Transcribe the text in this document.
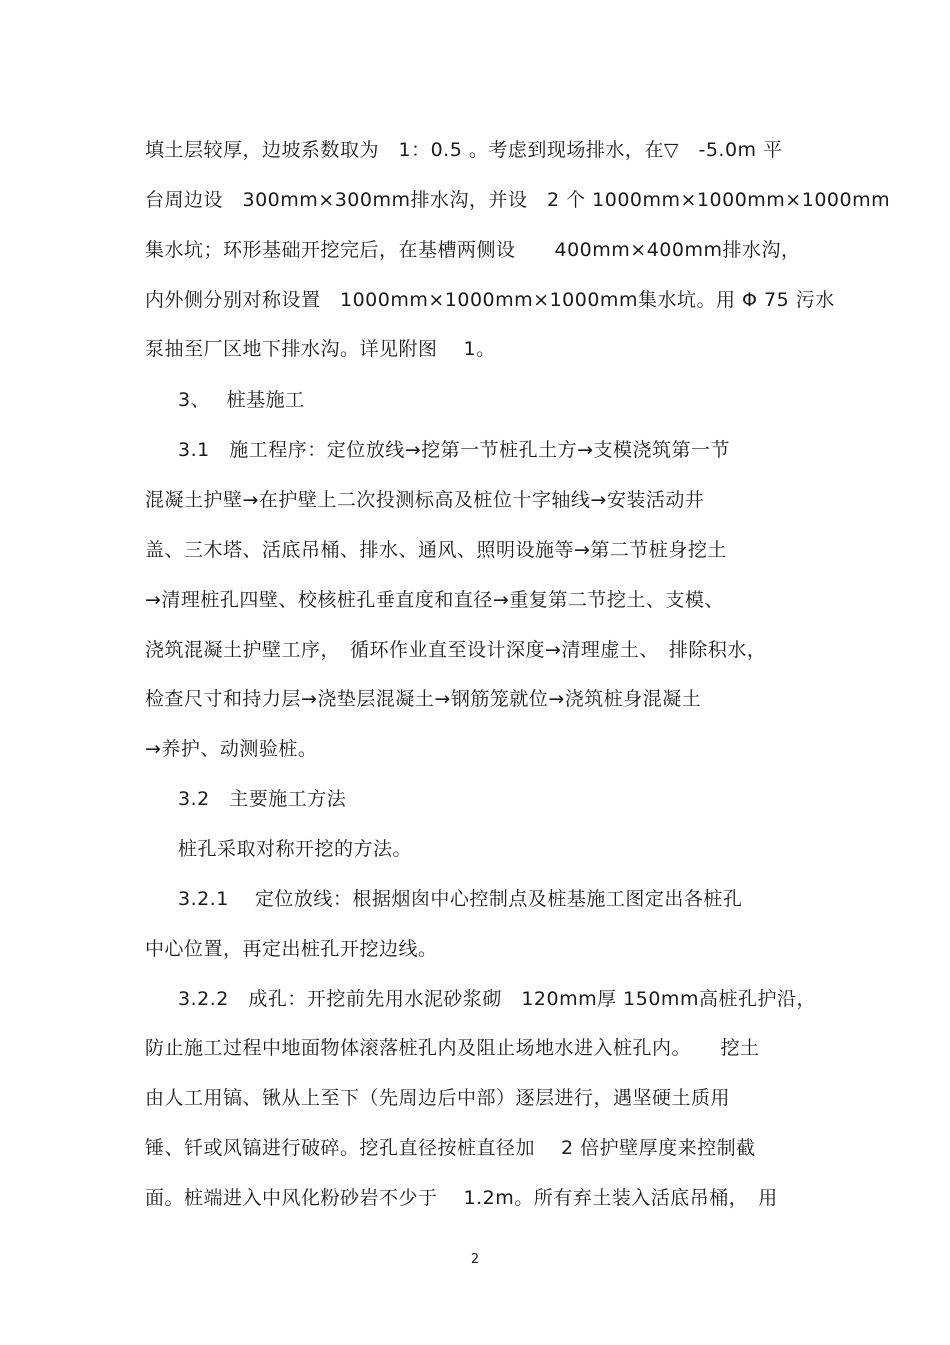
填土层较厚，边坡系数取为　1：0.5 。考虑到现场排水，在▽　-5.0m 平
台周边设　300mm×300mm排水沟，并设　2 个 1000mm×1000mm×1000mm
集水坑；环形基础开挖完后，在基槽两侧设　　400mm×400mm排水沟，
内外侧分别对称设置　1000mm×1000mm×1000mm集水坑。用 Φ 75 污水
泵抽至厂区地下排水沟。详见附图　 1。
3、　 桩基施工
3.1　施工程序：定位放线→挖第一节桩孔土方→支模浇筑第一节
混凝土护壁→在护壁上二次投测标高及桩位十字轴线→安装活动井
盖、三木塔、活底吊桶、排水、通风、照明设施等→第二节桩身挖土
→清理桩孔四壁、校核桩孔垂直度和直径→重复第二节挖土、支模、
浇筑混凝土护壁工序，　循环作业直至设计深度→清理虚土、　排除积水，
检查尺寸和持力层→浇垫层混凝土→钢筋笼就位→浇筑桩身混凝土
→养护、动测验桩。
3.2　主要施工方法
桩孔采取对称开挖的方法。
3.2.1　 定位放线：根据烟囱中心控制点及桩基施工图定出各桩孔
中心位置，再定出桩孔开挖边线。
3.2.2　成孔：开挖前先用水泥砂浆砌　120mm厚 150mm高桩孔护沿，
防止施工过程中地面物体滚落桩孔内及阻止场地水进入桩孔内。　　挖土
由人工用镐、锹从上至下（先周边后中部）逐层进行，遇坚硬土质用
锤、钎或风镐进行破碎。挖孔直径按桩直径加　 2 倍护壁厚度来控制截
面。桩端进入中风化粉砂岩不少于　 1.2m。所有弃土装入活底吊桶，　用
2
